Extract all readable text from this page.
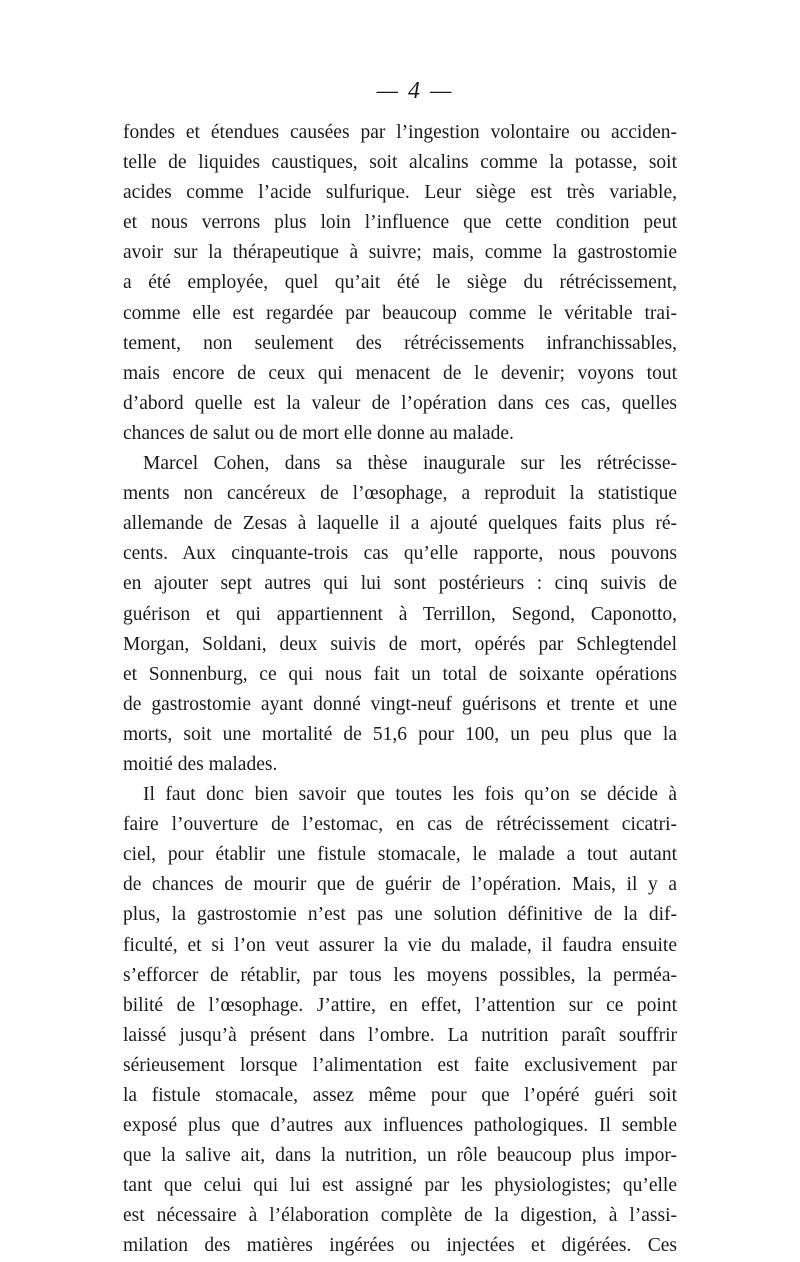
— 4 —
fondes et étendues causées par l’ingestion volontaire ou acciden-
telle de liquides caustiques, soit alcalins comme la potasse, soit
acides comme l’acide sulfurique. Leur siège est très variable,
et nous verrons plus loin l’influence que cette condition peut
avoir sur la thérapeutique à suivre; mais, comme la gastrostomie
a été employée, quel qu’ait été le siège du rétrécissement,
comme elle est regardée par beaucoup comme le véritable trai-
tement, non seulement des rétrécissements infranchissables,
mais encore de ceux qui menacent de le devenir; voyons tout
d’abord quelle est la valeur de l’opération dans ces cas, quelles
chances de salut ou de mort elle donne au malade.
Marcel Cohen, dans sa thèse inaugurale sur les rétrécisse-
ments non cancéreux de l’œsophage, a reproduit la statistique
allemande de Zesas à laquelle il a ajouté quelques faits plus ré-
cents. Aux cinquante-trois cas qu’elle rapporte, nous pouvons
en ajouter sept autres qui lui sont postérieurs : cinq suivis de
guérison et qui appartiennent à Terrillon, Segond, Caponotto,
Morgan, Soldani, deux suivis de mort, opérés par Schlegtendel
et Sonnenburg, ce qui nous fait un total de soixante opérations
de gastrostomie ayant donné vingt-neuf guérisons et trente et une
morts, soit une mortalité de 51,6 pour 100, un peu plus que la
moitié des malades.
Il faut donc bien savoir que toutes les fois qu’on se décide à
faire l’ouverture de l’estomac, en cas de rétrécissement cicatri-
ciel, pour établir une fistule stomacale, le malade a tout autant
de chances de mourir que de guérir de l’opération. Mais, il y a
plus, la gastrostomie n’est pas une solution définitive de la dif-
ficulté, et si l’on veut assurer la vie du malade, il faudra ensuite
s’efforcer de rétablir, par tous les moyens possibles, la perméa-
bilité de l’œsophage. J’attire, en effet, l’attention sur ce point
laissé jusqu’à présent dans l’ombre. La nutrition paraît souffrir
sérieusement lorsque l’alimentation est faite exclusivement par
la fistule stomacale, assez même pour que l’opéré guéri soit
exposé plus que d’autres aux influences pathologiques. Il semble
que la salive ait, dans la nutrition, un rôle beaucoup plus impor-
tant que celui qui lui est assigné par les physiologistes; qu’elle
est nécessaire à l’élaboration complète de la digestion, à l’assi-
milation des matières ingérées ou injectées et digérées. Ces
